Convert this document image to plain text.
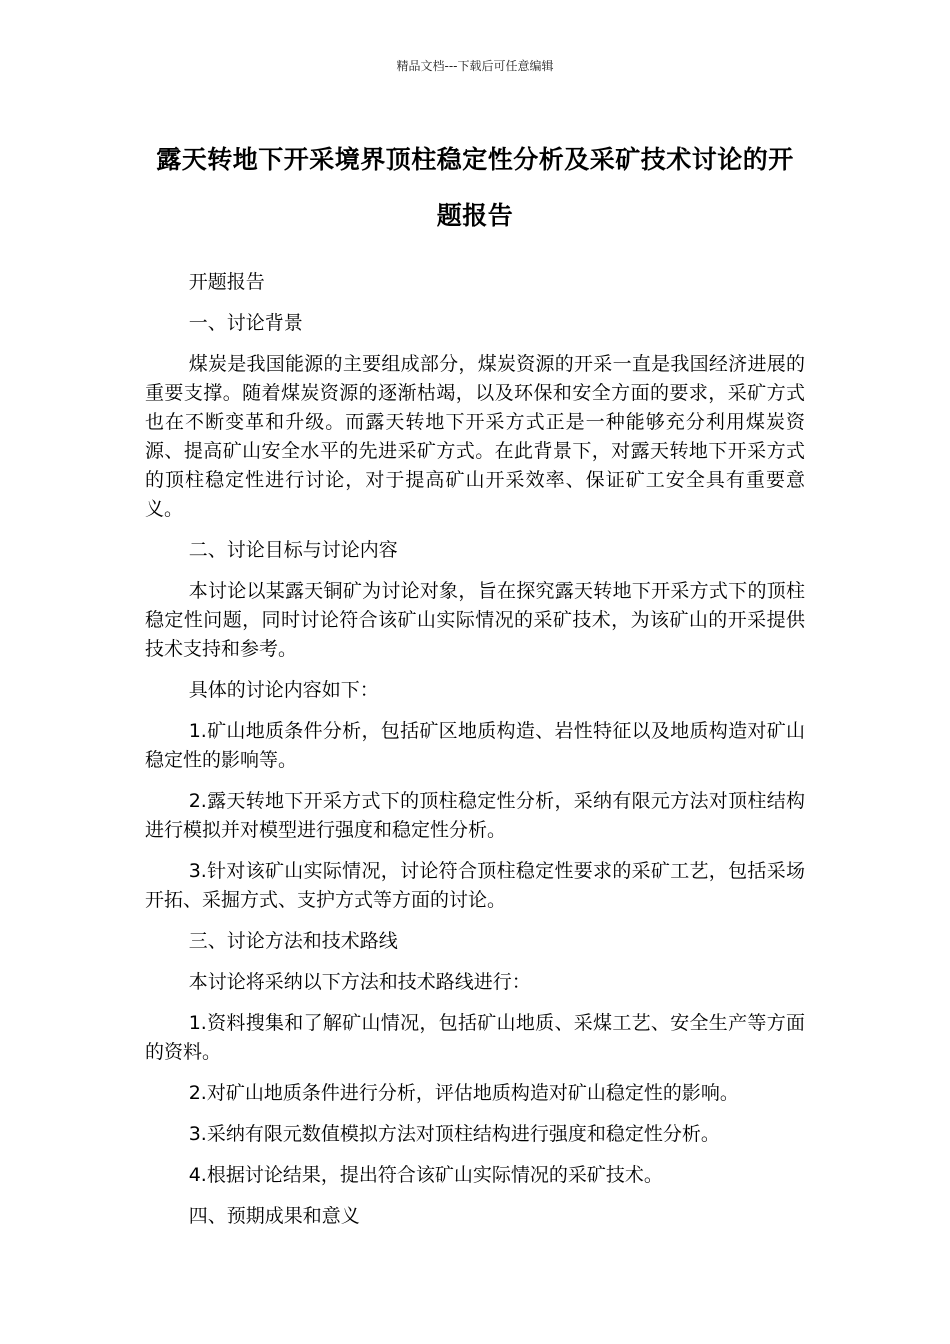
精品文档---下载后可任意编辑
露天转地下开采境界顶柱稳定性分析及采矿技术讨论的开题报告

开题报告

一、讨论背景

煤炭是我国能源的主要组成部分，煤炭资源的开采一直是我国经济进展的重要支撑。随着煤炭资源的逐渐枯竭，以及环保和安全方面的要求，采矿方式也在不断变革和升级。而露天转地下开采方式正是一种能够充分利用煤炭资源、提高矿山安全水平的先进采矿方式。在此背景下，对露天转地下开采方式的顶柱稳定性进行讨论，对于提高矿山开采效率、保证矿工安全具有重要意义。

二、讨论目标与讨论内容

本讨论以某露天铜矿为讨论对象，旨在探究露天转地下开采方式下的顶柱稳定性问题，同时讨论符合该矿山实际情况的采矿技术，为该矿山的开采提供技术支持和参考。

具体的讨论内容如下：

1.矿山地质条件分析，包括矿区地质构造、岩性特征以及地质构造对矿山稳定性的影响等。

2.露天转地下开采方式下的顶柱稳定性分析，采纳有限元方法对顶柱结构进行模拟并对模型进行强度和稳定性分析。

3.针对该矿山实际情况，讨论符合顶柱稳定性要求的采矿工艺，包括采场开拓、采掘方式、支护方式等方面的讨论。

三、讨论方法和技术路线

本讨论将采纳以下方法和技术路线进行：

1.资料搜集和了解矿山情况，包括矿山地质、采煤工艺、安全生产等方面的资料。

2.对矿山地质条件进行分析，评估地质构造对矿山稳定性的影响。

3.采纳有限元数值模拟方法对顶柱结构进行强度和稳定性分析。

4.根据讨论结果，提出符合该矿山实际情况的采矿技术。

四、预期成果和意义
